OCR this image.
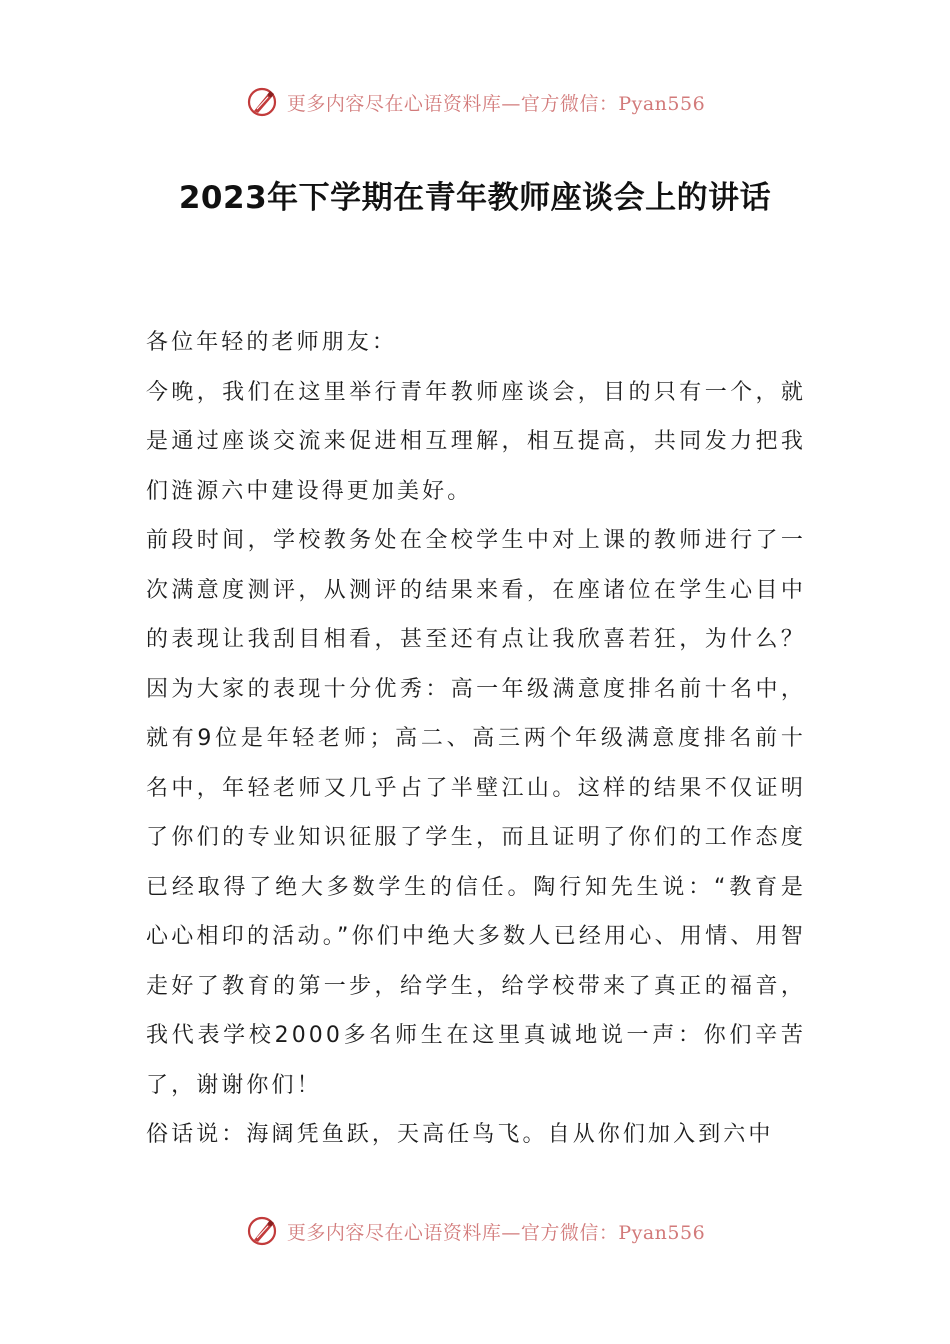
更多内容尽在心语资料库—官方微信：Pyan556
2023年下学期在青年教师座谈会上的讲话

各位年轻的老师朋友：

今晚，我们在这里举行青年教师座谈会，目的只有一个，就是通过座谈交流来促进相互理解，相互提高，共同发力把我们涟源六中建设得更加美好。

前段时间，学校教务处在全校学生中对上课的教师进行了一次满意度测评，从测评的结果来看，在座诸位在学生心目中的表现让我刮目相看，甚至还有点让我欣喜若狂，为什么？因为大家的表现十分优秀：高一年级满意度排名前十名中，就有9位是年轻老师；高二、高三两个年级满意度排名前十名中，年轻老师又几乎占了半壁江山。这样的结果不仅证明了你们的专业知识征服了学生，而且证明了你们的工作态度已经取得了绝大多数学生的信任。陶行知先生说：“教育是心心相印的活动。”你们中绝大多数人已经用心、用情、用智走好了教育的第一步，给学生，给学校带来了真正的福音，我代表学校2000多名师生在这里真诚地说一声：你们辛苦了，谢谢你们！

俗话说：海阔凭鱼跃，天高任鸟飞。自从你们加入到六中

更多内容尽在心语资料库—官方微信：Pyan556
